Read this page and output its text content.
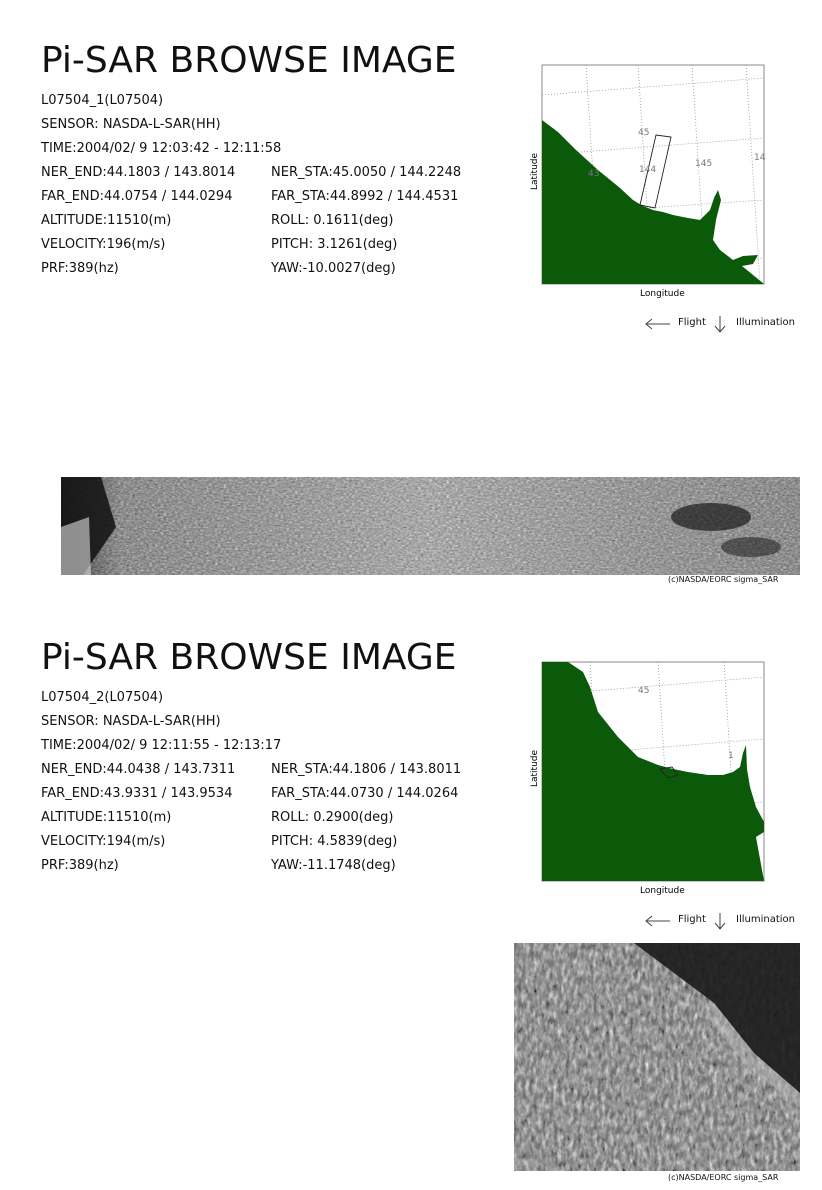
Pi-SAR BROWSE IMAGE
L07504_1(L07504)
SENSOR: NASDA-L-SAR(HH)
TIME:2004/02/ 9 12:03:42 - 12:11:58
NER_END:44.1803 / 143.8014	NER_STA:45.0050 / 144.2248
FAR_END:44.0754 / 144.0294	FAR_STA:44.8992 / 144.4531
ALTITUDE:11510(m)	ROLL: 0.1611(deg)
VELOCITY:196(m/s)	PITCH: 3.1261(deg)
PRF:389(hz)	YAW:-10.0027(deg)
45
43	144
145
14
Longitude
Latitude
Flight	Illumination
(c)NASDA/EORC sigma_SAR
Pi-SAR BROWSE IMAGE
L07504_2(L07504)
SENSOR: NASDA-L-SAR(HH)
TIME:2004/02/ 9 12:11:55 - 12:13:17
NER_END:44.0438 / 143.7311	NER_STA:44.1806 / 143.8011
FAR_END:43.9331 / 143.9534	FAR_STA:44.0730 / 144.0264
ALTITUDE:11510(m)	ROLL: 0.2900(deg)
VELOCITY:194(m/s)	PITCH: 4.5839(deg)
PRF:389(hz)	YAW:-11.1748(deg)
45
1
Longitude
Latitude
Flight	Illumination
(c)NASDA/EORC sigma_SAR
